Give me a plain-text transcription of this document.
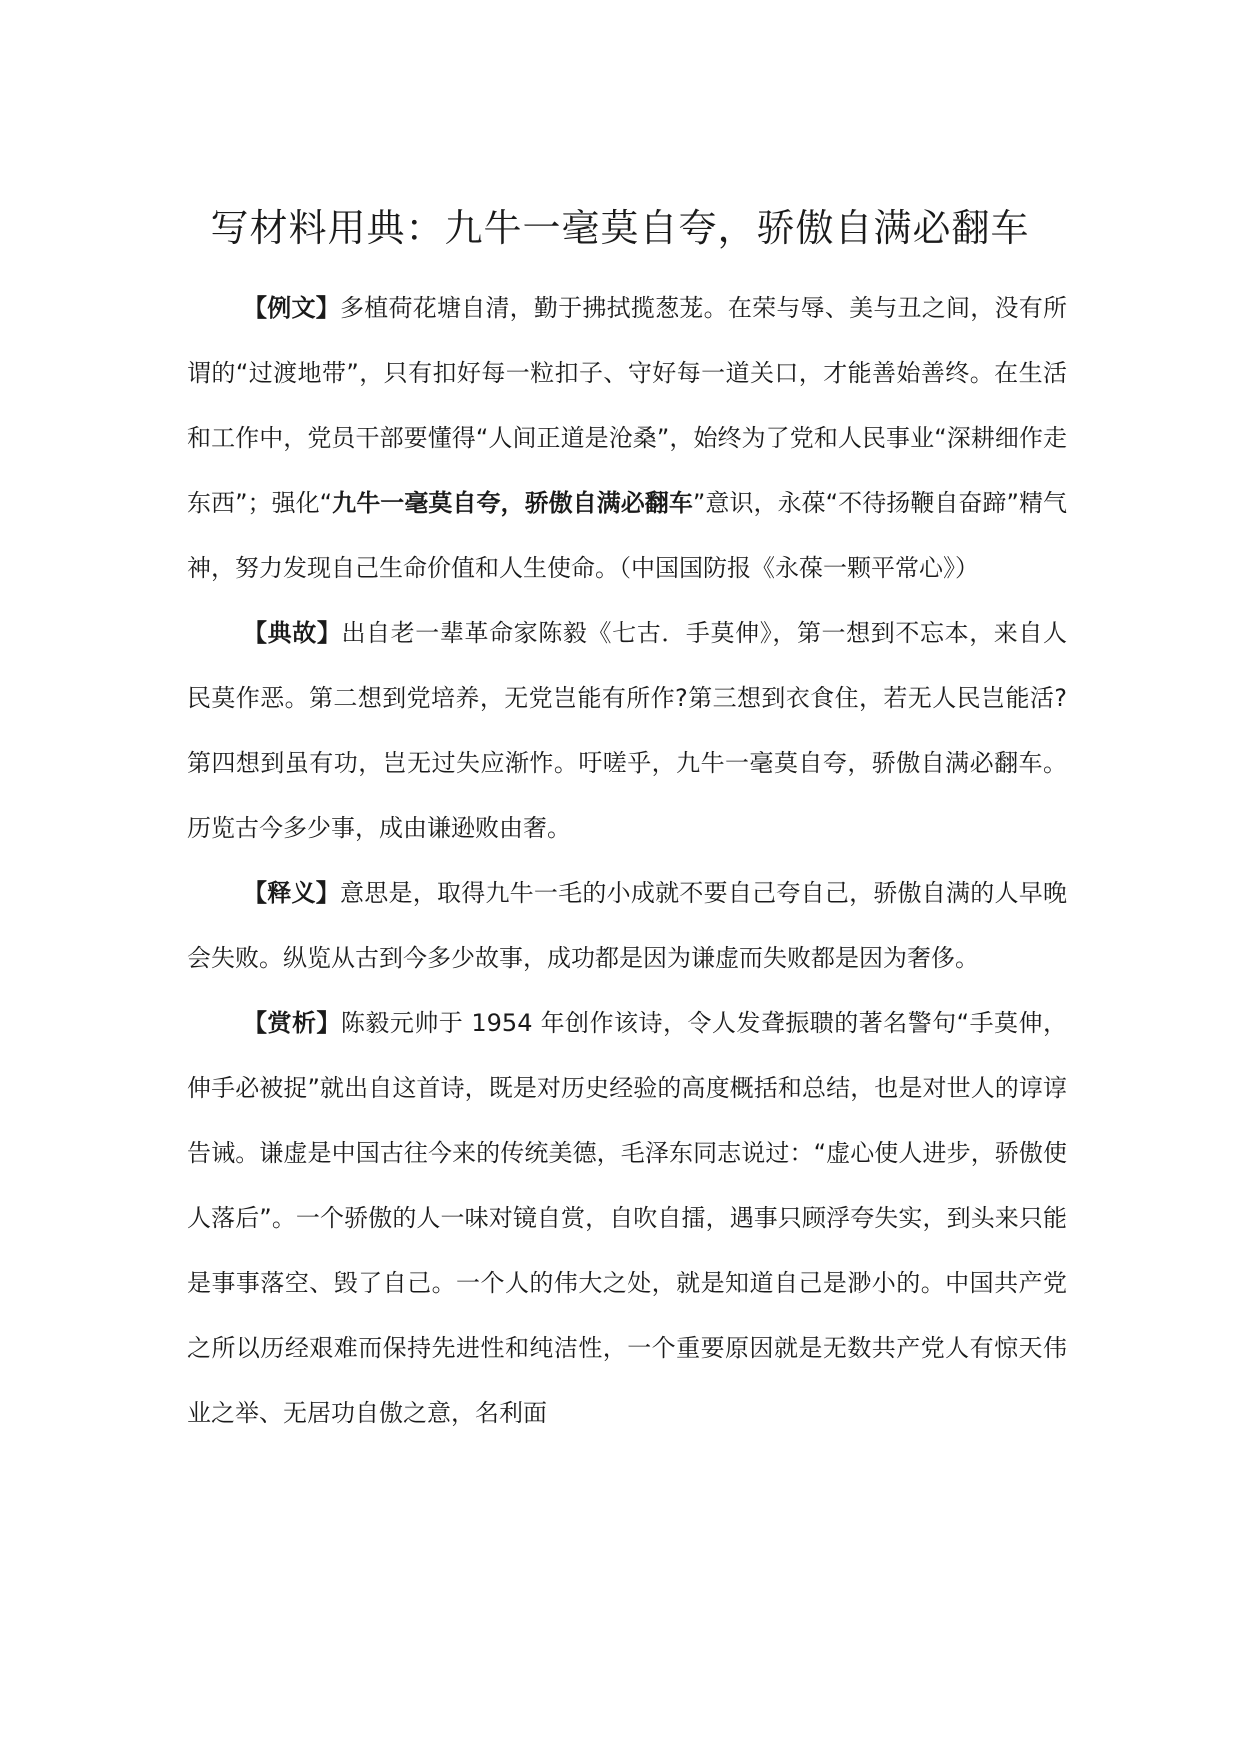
写材料用典：九牛一毫莫自夸，骄傲自满必翻车

【例文】多植荷花塘自清，勤于拂拭揽葱茏。在荣与辱、美与丑之间，没有所谓的“过渡地带”，只有扣好每一粒扣子、守好每一道关口，才能善始善终。在生活和工作中，党员干部要懂得“人间正道是沧桑”，始终为了党和人民事业“深耕细作走东西”；强化“九牛一毫莫自夸，骄傲自满必翻车”意识，永葆“不待扬鞭自奋蹄”精气神，努力发现自己生命价值和人生使命。（中国国防报《永葆一颗平常心》）

【典故】出自老一辈革命家陈毅《七古．手莫伸》，第一想到不忘本，来自人民莫作恶。第二想到党培养，无党岂能有所作?第三想到衣食住，若无人民岂能活?第四想到虽有功，岂无过失应渐怍。吁嗟乎，九牛一毫莫自夸，骄傲自满必翻车。历览古今多少事，成由谦逊败由奢。

【释义】意思是，取得九牛一毛的小成就不要自己夸自己，骄傲自满的人早晚会失败。纵览从古到今多少故事，成功都是因为谦虚而失败都是因为奢侈。

【赏析】陈毅元帅于 1954 年创作该诗，令人发聋振聩的著名警句“手莫伸，伸手必被捉”就出自这首诗，既是对历史经验的高度概括和总结，也是对世人的谆谆告诫。谦虚是中国古往今来的传统美德，毛泽东同志说过：“虚心使人进步，骄傲使人落后”。一个骄傲的人一味对镜自赏，自吹自擂，遇事只顾浮夸失实，到头来只能是事事落空、毁了自己。一个人的伟大之处，就是知道自己是渺小的。中国共产党之所以历经艰难而保持先进性和纯洁性，一个重要原因就是无数共产党人有惊天伟业之举、无居功自傲之意，名利面
